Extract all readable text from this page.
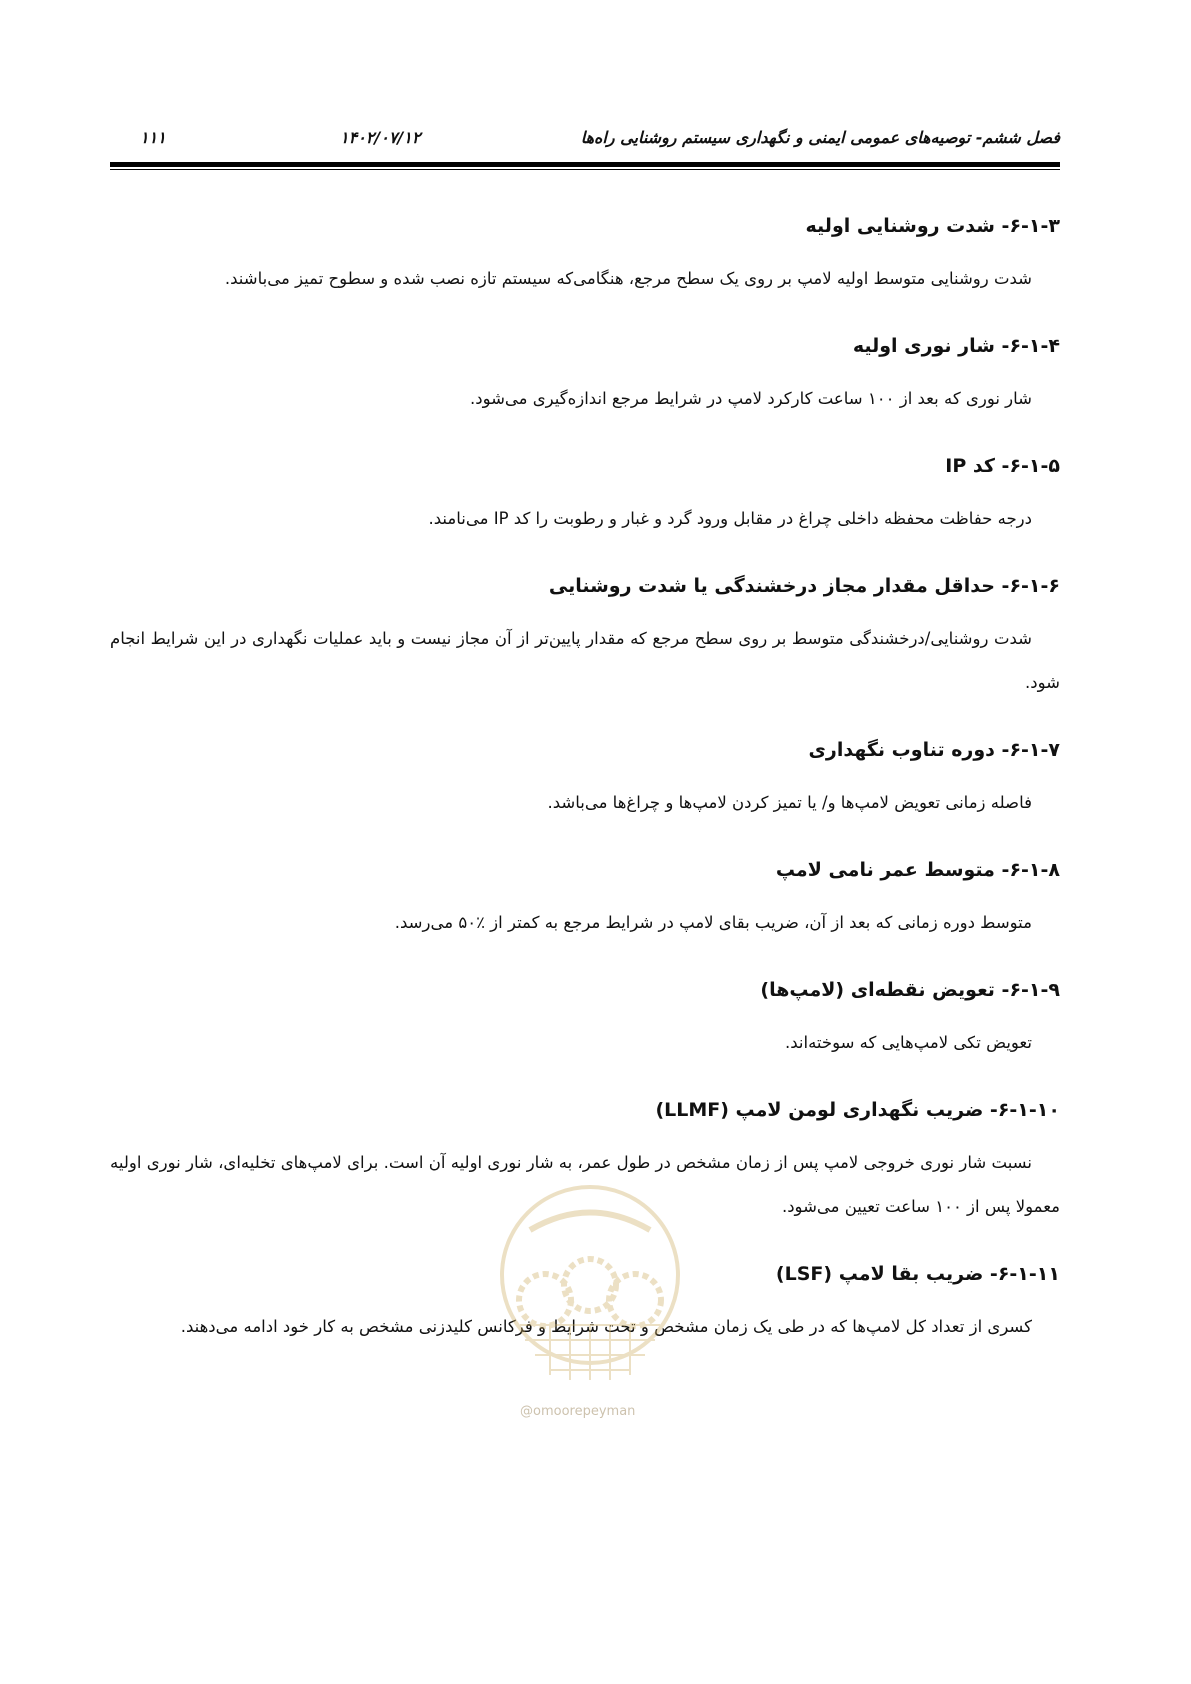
فصل ششم- توصیه‌های عمومی ایمنی و نگهداری سیستم روشنایی راه‌ها
۱۴۰۲/۰۷/۱۲
۱۱۱
۶-۱-۳- شدت روشنایی اولیه

شدت روشنایی متوسط اولیه لامپ بر روی یک سطح مرجع، هنگامی‌که سیستم تازه نصب شده و سطوح تمیز می‌باشند.

۶-۱-۴- شار نوری اولیه

شار نوری که بعد از ۱۰۰ ساعت کارکرد لامپ در شرایط مرجع اندازه‌گیری می‌شود.

۶-۱-۵- کد IP

درجه حفاظت محفظه داخلی چراغ در مقابل ورود گرد و غبار و رطوبت را کد IP می‌نامند.

۶-۱-۶- حداقل مقدار مجاز درخشندگی یا شدت روشنایی

شدت روشنایی/درخشندگی متوسط بر روی سطح مرجع که مقدار پایین‌تر از آن مجاز نیست و باید عملیات نگهداری در این شرایط انجام شود.

۶-۱-۷- دوره تناوب نگهداری

فاصله زمانی تعویض لامپ‌ها و/ یا تمیز کردن لامپ‌ها و چراغ‌ها می‌باشد.

۶-۱-۸- متوسط عمر نامی لامپ

متوسط دوره زمانی که بعد از آن، ضریب بقای لامپ در شرایط مرجع به کمتر از ٪۵۰ می‌رسد.

۶-۱-۹- تعویض نقطه‌ای (لامپ‌ها)

تعویض تکی لامپ‌هایی که سوخته‌اند.

۶-۱-۱۰- ضریب نگهداری لومن لامپ (LLMF)

نسبت شار نوری خروجی لامپ پس از زمان مشخص در طول عمر، به شار نوری اولیه آن است. برای لامپ‌های تخلیه‌ای، شار نوری اولیه معمولا پس از ۱۰۰ ساعت تعیین می‌شود.

۶-۱-۱۱- ضریب بقا لامپ (LSF)

کسری از تعداد کل لامپ‌ها که در طی یک زمان مشخص و تحت شرایط و فرکانس کلیدزنی مشخص به کار خود ادامه می‌دهند.

@omoorepeyman
